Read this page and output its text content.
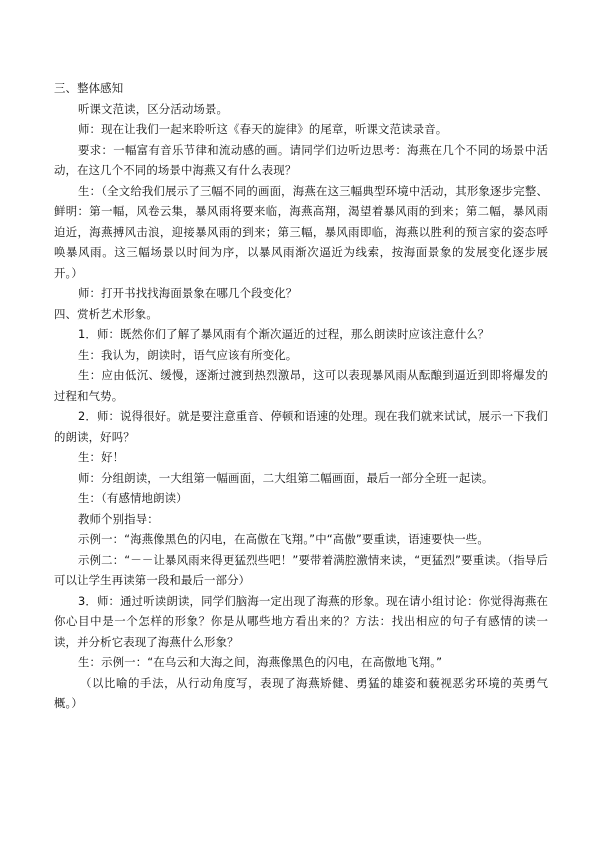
三、整体感知

听课文范读，区分活动场景。

师：现在让我们一起来聆听这《春天的旋律》的尾章，听课文范读录音。

要求：一幅富有音乐节律和流动感的画。请同学们边听边思考：海燕在几个不同的场景中活动，在这几个不同的场景中海燕又有什么表现？

生：（全文给我们展示了三幅不同的画面，海燕在这三幅典型环境中活动，其形象逐步完整、鲜明：第一幅，风卷云集，暴风雨将要来临，海燕高翔，渴望着暴风雨的到来；第二幅，暴风雨迫近，海燕搏风击浪，迎接暴风雨的到来；第三幅，暴风雨即临，海燕以胜利的预言家的姿态呼唤暴风雨。这三幅场景以时间为序，以暴风雨渐次逼近为线索，按海面景象的发展变化逐步展开。）

师：打开书找找海面景象在哪几个段变化？

四、赏析艺术形象。

1．师：既然你们了解了暴风雨有个渐次逼近的过程，那么朗读时应该注意什么？

生：我认为，朗读时，语气应该有所变化。

生：应由低沉、缓慢，逐渐过渡到热烈激昂，这可以表现暴风雨从酝酿到逼近到即将爆发的过程和气势。

2．师：说得很好。就是要注意重音、停顿和语速的处理。现在我们就来试试，展示一下我们的朗读，好吗？

生：好！

师：分组朗读，一大组第一幅画面，二大组第二幅画面，最后一部分全班一起读。

生：（有感情地朗读）

教师个别指导：

示例一：“海燕像黑色的闪电，在高傲在飞翔。”中“高傲”要重读，语速要快一些。

示例二：“－－让暴风雨来得更猛烈些吧！”要带着满腔激情来读，“更猛烈”要重读。（指导后可以让学生再读第一段和最后一部分）

3．师：通过听读朗读，同学们脑海一定出现了海燕的形象。现在请小组讨论：你觉得海燕在你心目中是一个怎样的形象？你是从哪些地方看出来的？方法：找出相应的句子有感情的读一读，并分析它表现了海燕什么形象？

生：示例一：“在乌云和大海之间，海燕像黑色的闪电，在高傲地飞翔。”

（以比喻的手法，从行动角度写，表现了海燕矫健、勇猛的雄姿和藐视恶劣环境的英勇气概。）
